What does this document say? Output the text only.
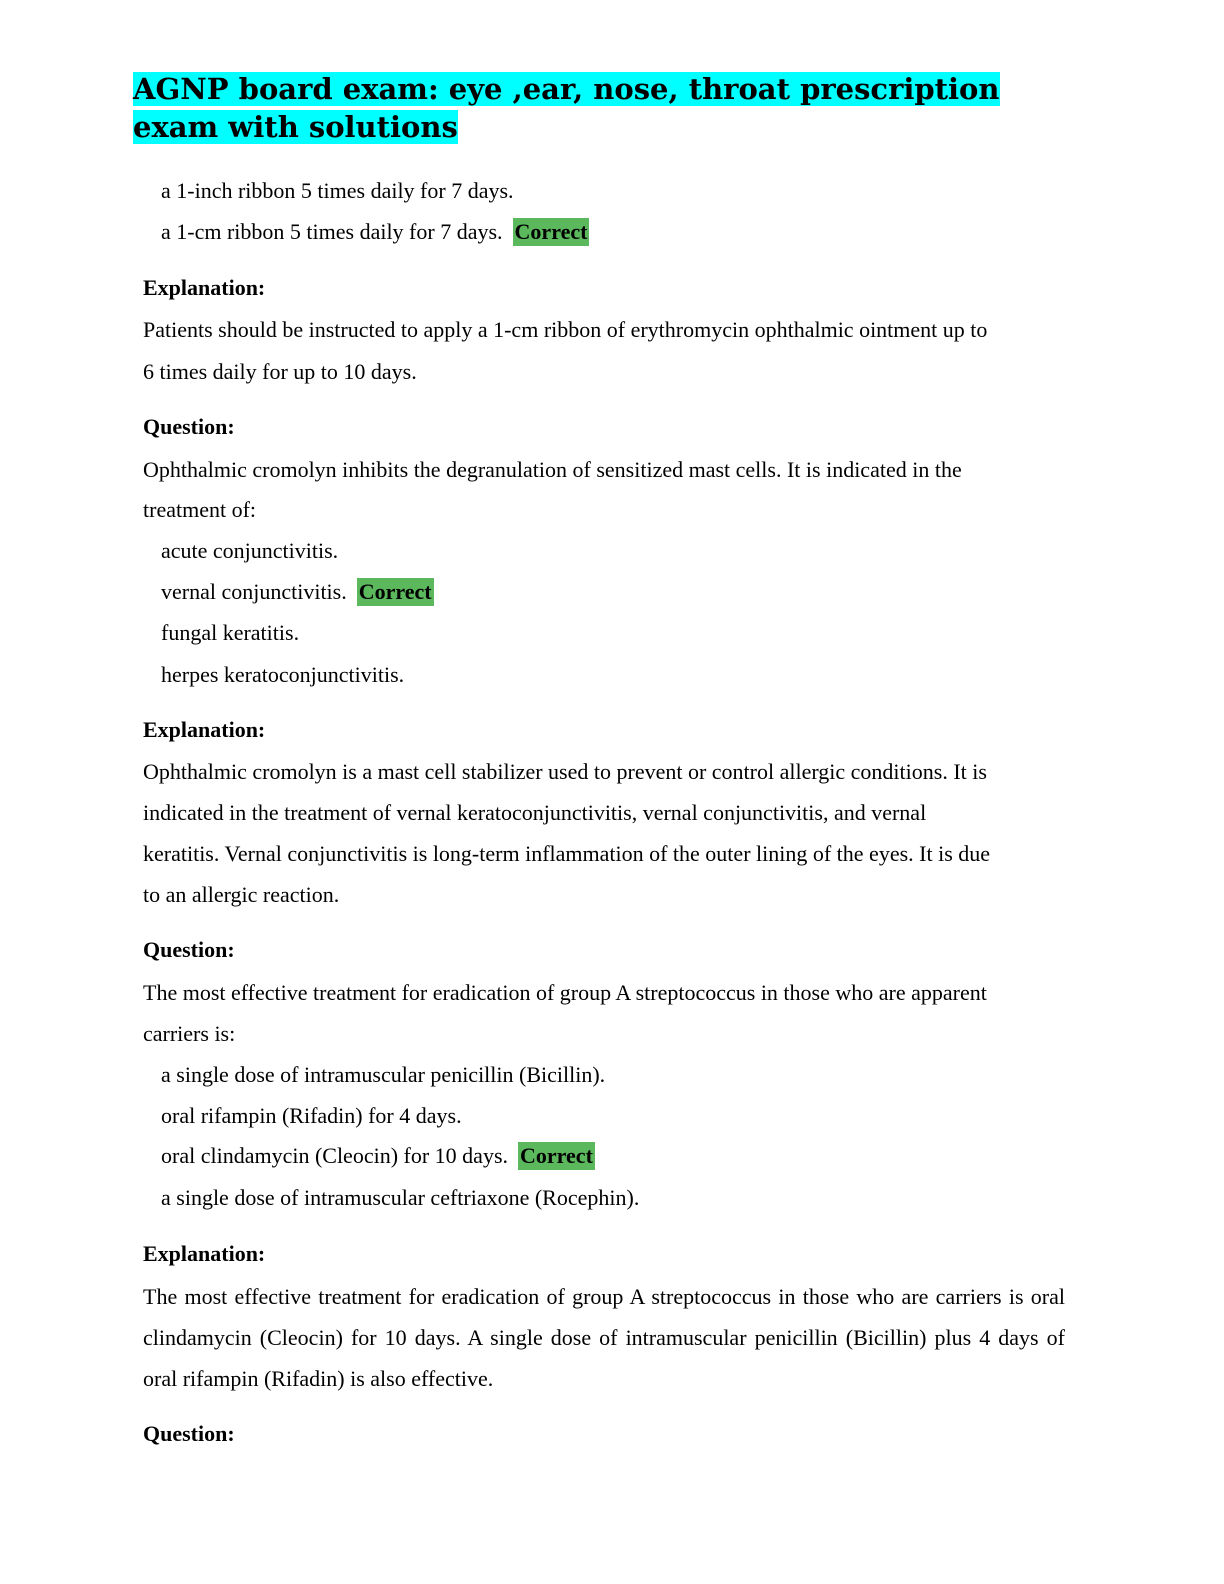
AGNP board exam: eye ,ear, nose, throat prescription exam with solutions
a 1-inch ribbon 5 times daily for 7 days.
a 1-cm ribbon 5 times daily for 7 days. Correct
Explanation:
Patients should be instructed to apply a 1-cm ribbon of erythromycin ophthalmic ointment up to
6 times daily for up to 10 days.
Question:
Ophthalmic cromolyn inhibits the degranulation of sensitized mast cells. It is indicated in the
treatment of:
acute conjunctivitis.
vernal conjunctivitis. Correct
fungal keratitis.
herpes keratoconjunctivitis.
Explanation:
Ophthalmic cromolyn is a mast cell stabilizer used to prevent or control allergic conditions. It is
indicated in the treatment of vernal keratoconjunctivitis, vernal conjunctivitis, and vernal
keratitis. Vernal conjunctivitis is long-term inflammation of the outer lining of the eyes. It is due
to an allergic reaction.
Question:
The most effective treatment for eradication of group A streptococcus in those who are apparent
carriers is:
a single dose of intramuscular penicillin (Bicillin).
oral rifampin (Rifadin) for 4 days.
oral clindamycin (Cleocin) for 10 days. Correct
a single dose of intramuscular ceftriaxone (Rocephin).
Explanation:
The most effective treatment for eradication of group A streptococcus in those who are carriers is oral clindamycin (Cleocin) for 10 days. A single dose of intramuscular penicillin (Bicillin) plus 4 days of oral rifampin (Rifadin) is also effective.
Question:
